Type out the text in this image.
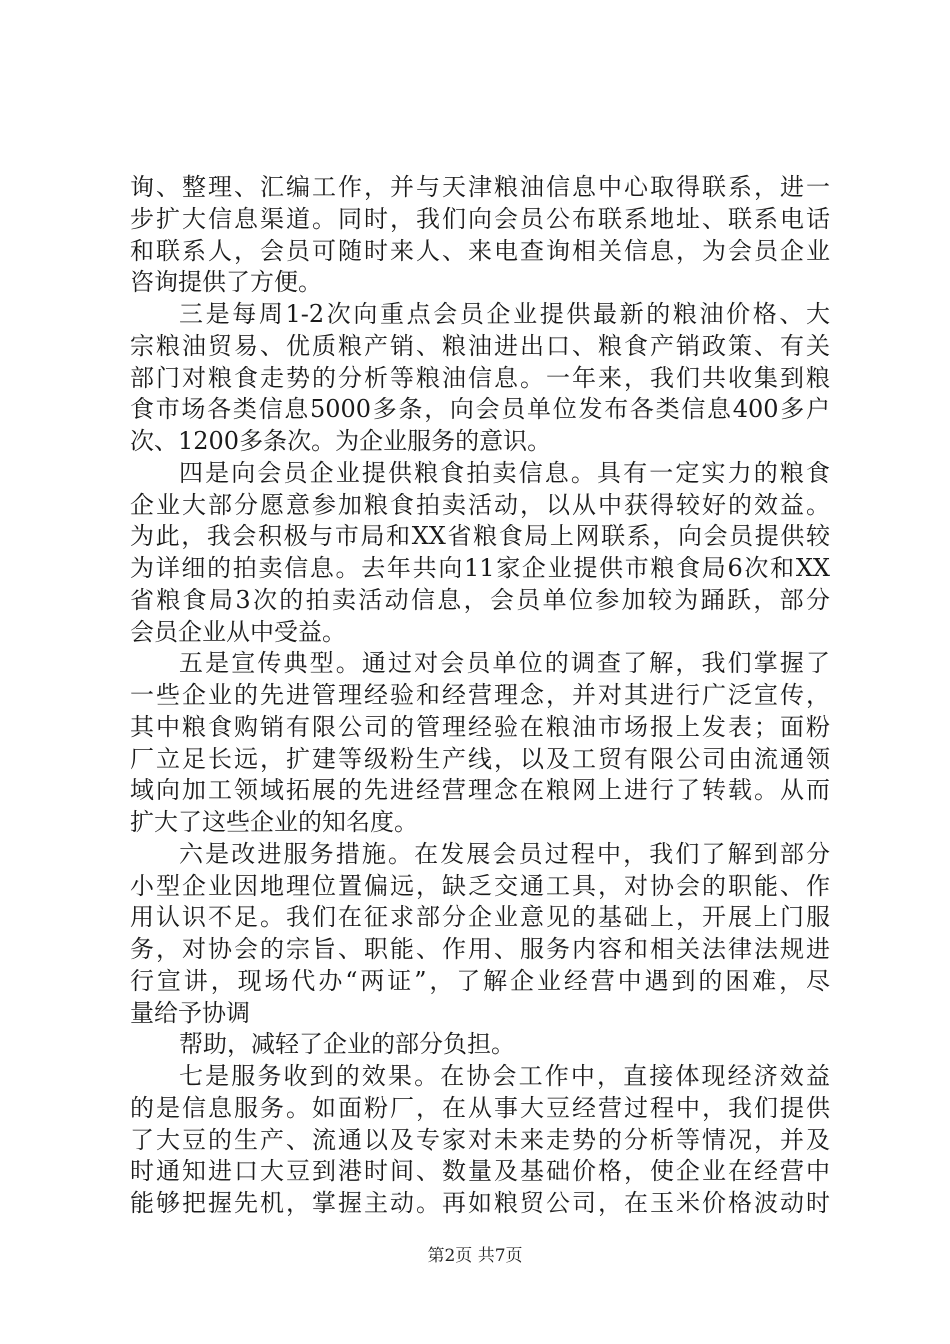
询、整理、汇编工作，并与天津粮油信息中心取得联系，进一
步扩大信息渠道。同时，我们向会员公布联系地址、联系电话
和联系人，会员可随时来人、来电查询相关信息，为会员企业
咨询提供了方便。
三是每周1-2次向重点会员企业提供最新的粮油价格、大
宗粮油贸易、优质粮产销、粮油进出口、粮食产销政策、有关
部门对粮食走势的分析等粮油信息。一年来，我们共收集到粮
食市场各类信息5000多条，向会员单位发布各类信息400多户
次、1200多条次。为企业服务的意识。
四是向会员企业提供粮食拍卖信息。具有一定实力的粮食
企业大部分愿意参加粮食拍卖活动，以从中获得较好的效益。
为此，我会积极与市局和XX省粮食局上网联系，向会员提供较
为详细的拍卖信息。去年共向11家企业提供市粮食局6次和XX
省粮食局3次的拍卖活动信息，会员单位参加较为踊跃，部分
会员企业从中受益。
五是宣传典型。通过对会员单位的调查了解，我们掌握了
一些企业的先进管理经验和经营理念，并对其进行广泛宣传，
其中粮食购销有限公司的管理经验在粮油市场报上发表；面粉
厂立足长远，扩建等级粉生产线，以及工贸有限公司由流通领
域向加工领域拓展的先进经营理念在粮网上进行了转载。从而
扩大了这些企业的知名度。
六是改进服务措施。在发展会员过程中，我们了解到部分
小型企业因地理位置偏远，缺乏交通工具，对协会的职能、作
用认识不足。我们在征求部分企业意见的基础上，开展上门服
务，对协会的宗旨、职能、作用、服务内容和相关法律法规进
行宣讲，现场代办“两证”，了解企业经营中遇到的困难，尽
量给予协调
帮助，减轻了企业的部分负担。
七是服务收到的效果。在协会工作中，直接体现经济效益
的是信息服务。如面粉厂，在从事大豆经营过程中，我们提供
了大豆的生产、流通以及专家对未来走势的分析等情况，并及
时通知进口大豆到港时间、数量及基础价格，使企业在经营中
能够把握先机，掌握主动。再如粮贸公司，在玉米价格波动时
第2页 共7页
